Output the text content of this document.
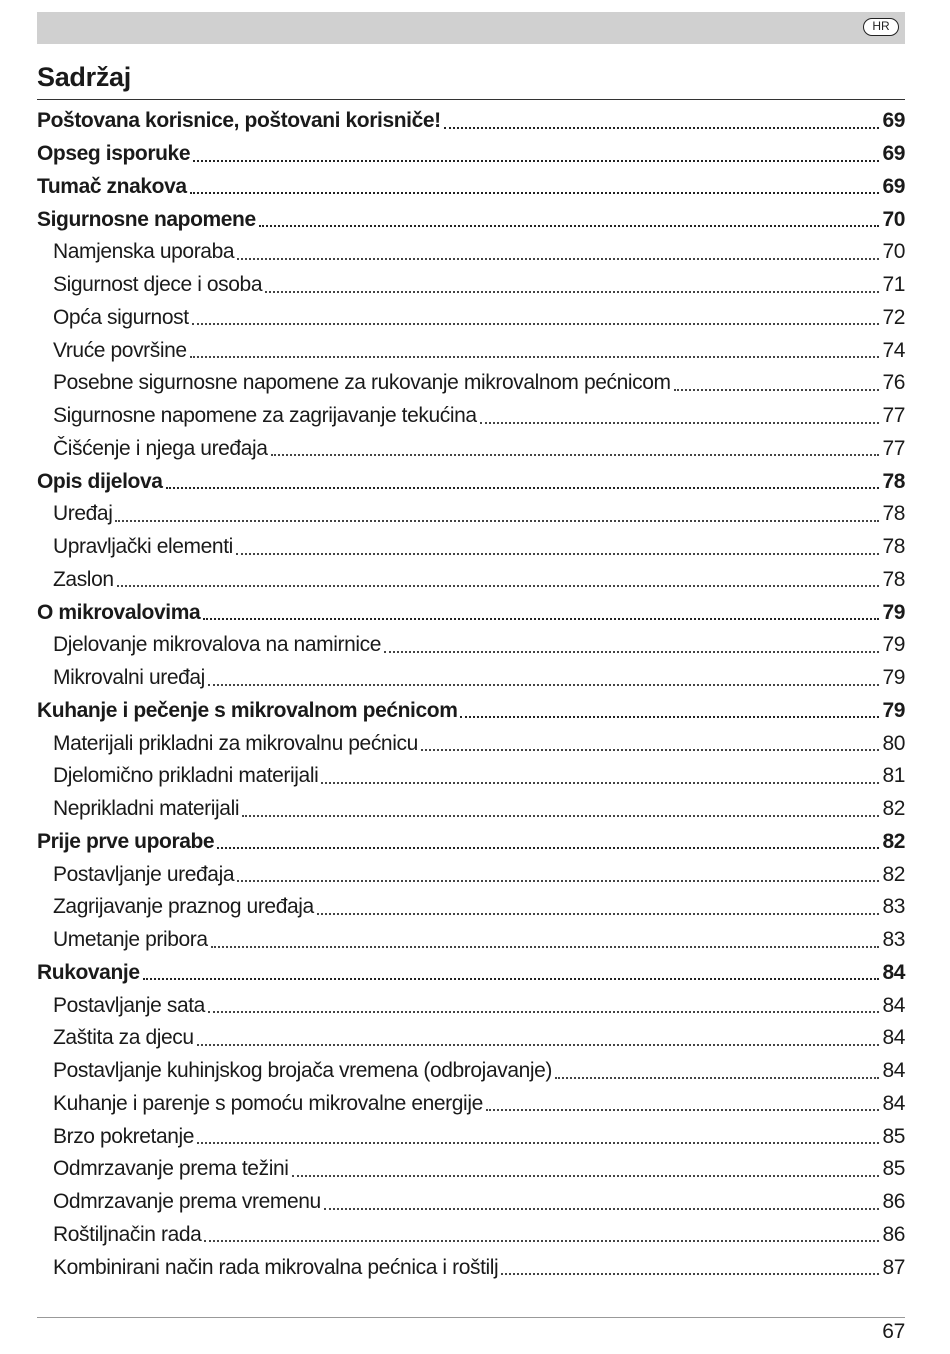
HR
Sadržaj
Poštovana korisnice, poštovani korisniče!	69
Opseg isporuke	69
Tumač znakova	69
Sigurnosne napomene	70
Namjenska uporaba	70
Sigurnost djece i osoba	71
Opća sigurnost	72
Vruće površine	74
Posebne sigurnosne napomene za rukovanje mikrovalnom pećnicom	76
Sigurnosne napomene za zagrijavanje tekućina	77
Čišćenje i njega uređaja	77
Opis dijelova	78
Uređaj	78
Upravljački elementi	78
Zaslon	78
O mikrovalovima	79
Djelovanje mikrovalova na namirnice	79
Mikrovalni uređaj	79
Kuhanje i pečenje s mikrovalnom pećnicom	79
Materijali prikladni za mikrovalnu pećnicu	80
Djelomično prikladni materijali	81
Neprikladni materijali	82
Prije prve uporabe	82
Postavljanje uređaja	82
Zagrijavanje praznog uređaja	83
Umetanje pribora	83
Rukovanje	84
Postavljanje sata	84
Zaštita za djecu	84
Postavljanje kuhinjskog brojača vremena (odbrojavanje)	84
Kuhanje i parenje s pomoću mikrovalne energije	84
Brzo pokretanje	85
Odmrzavanje prema težini	85
Odmrzavanje prema vremenu	86
Roštiljnačin rada	86
Kombinirani način rada mikrovalna pećnica i roštilj	87
67
